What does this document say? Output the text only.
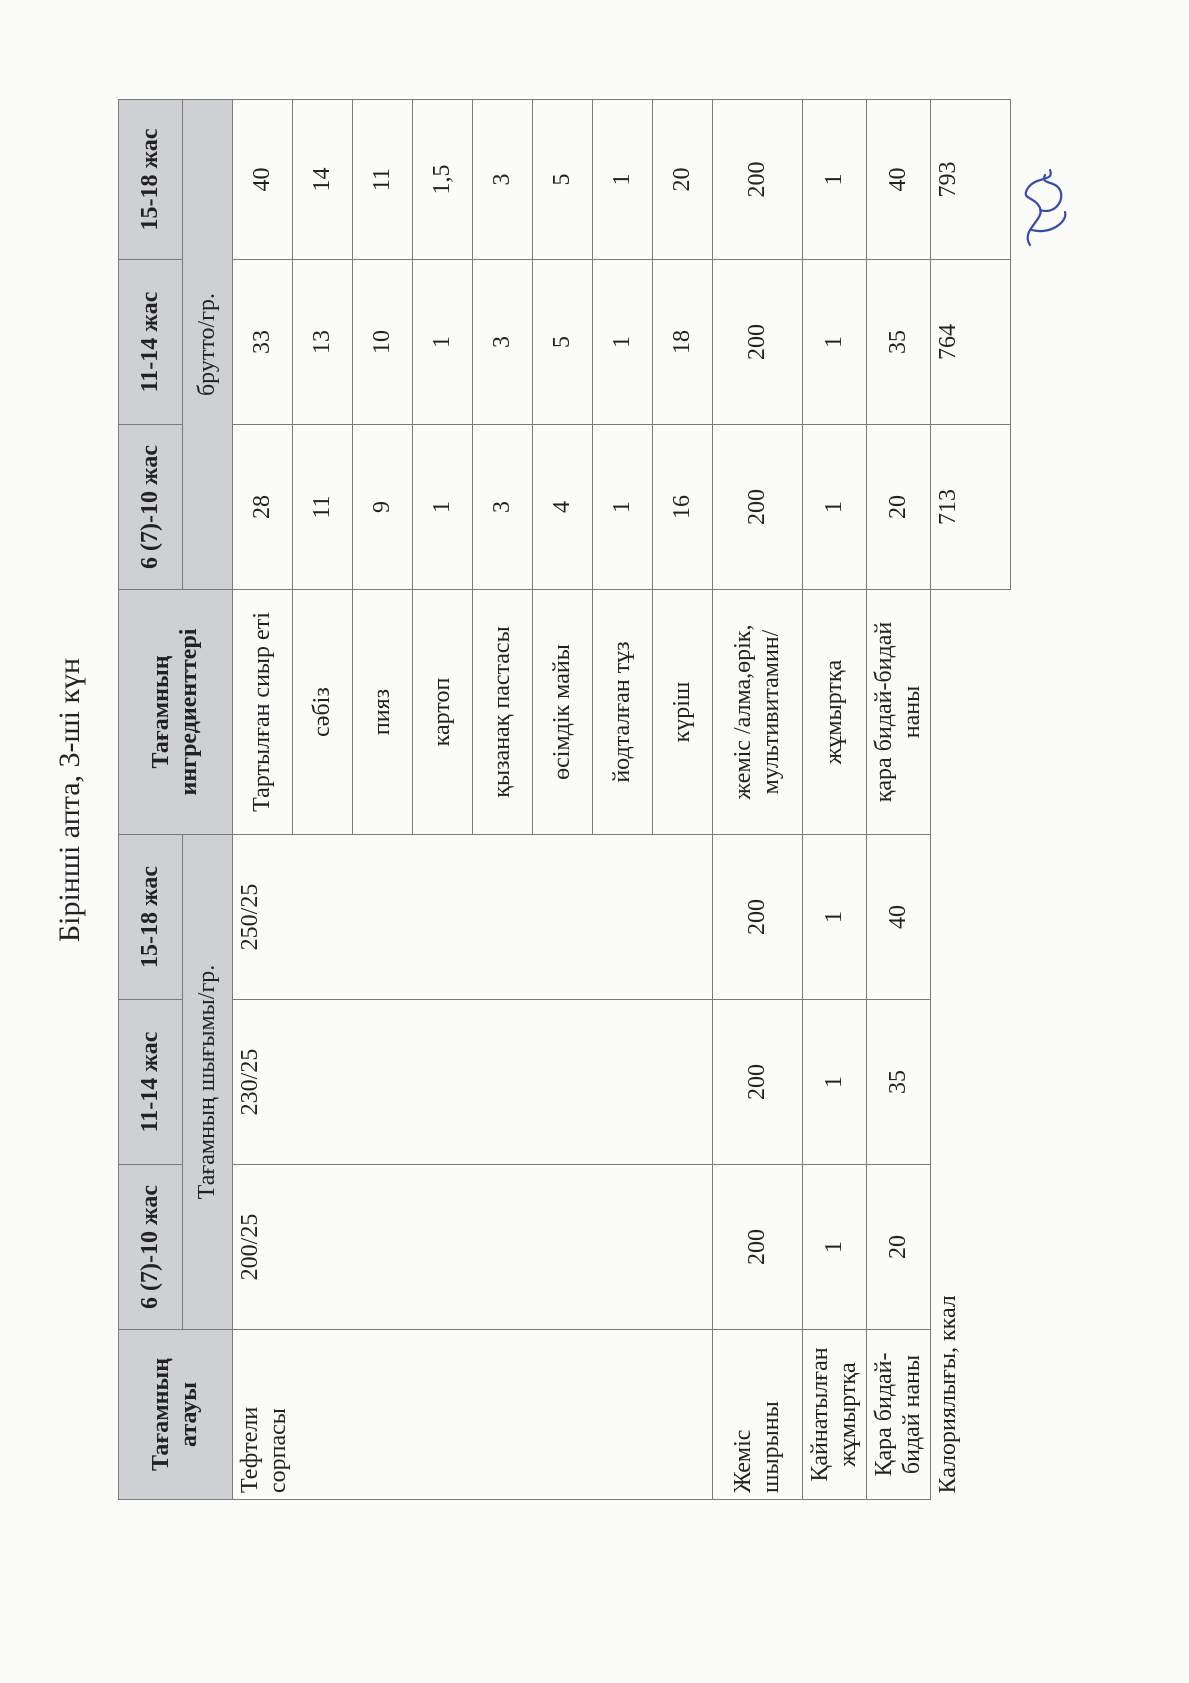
Бірінші апта, 3-ші күн
Тағамның атауы	6 (7)-10 жас	11-14 жас	15-18 жас	Тағамның ингредиенттері	6 (7)-10 жас	11-14 жас	15-18 жас
	Тағамның шығымы/гр.				брутто/гр.		
Тефтели сорпасы	200/25	230/25	250/25	Тартылған сиыр еті	28	33	40
				сәбіз	11	13	14
				пияз	9	10	11
				картоп	1	1	1,5
				қызанақ пастасы	3	3	3
				өсімдік майы	4	5	5
				йодталған тұз	1	1	1
				күріш	16	18	20
Жеміс шырыны	200	200	200	жеміс /алма,өрік, мультивитамин/	200	200	200
Қайнатылған жұмыртқа	1	1	1	жұмыртқа	1	1	1
Қара бидай-бидай наны	20	35	40	қара бидай-бидай наны	20	35	40
Калориялығы, ккал					713	764	793
